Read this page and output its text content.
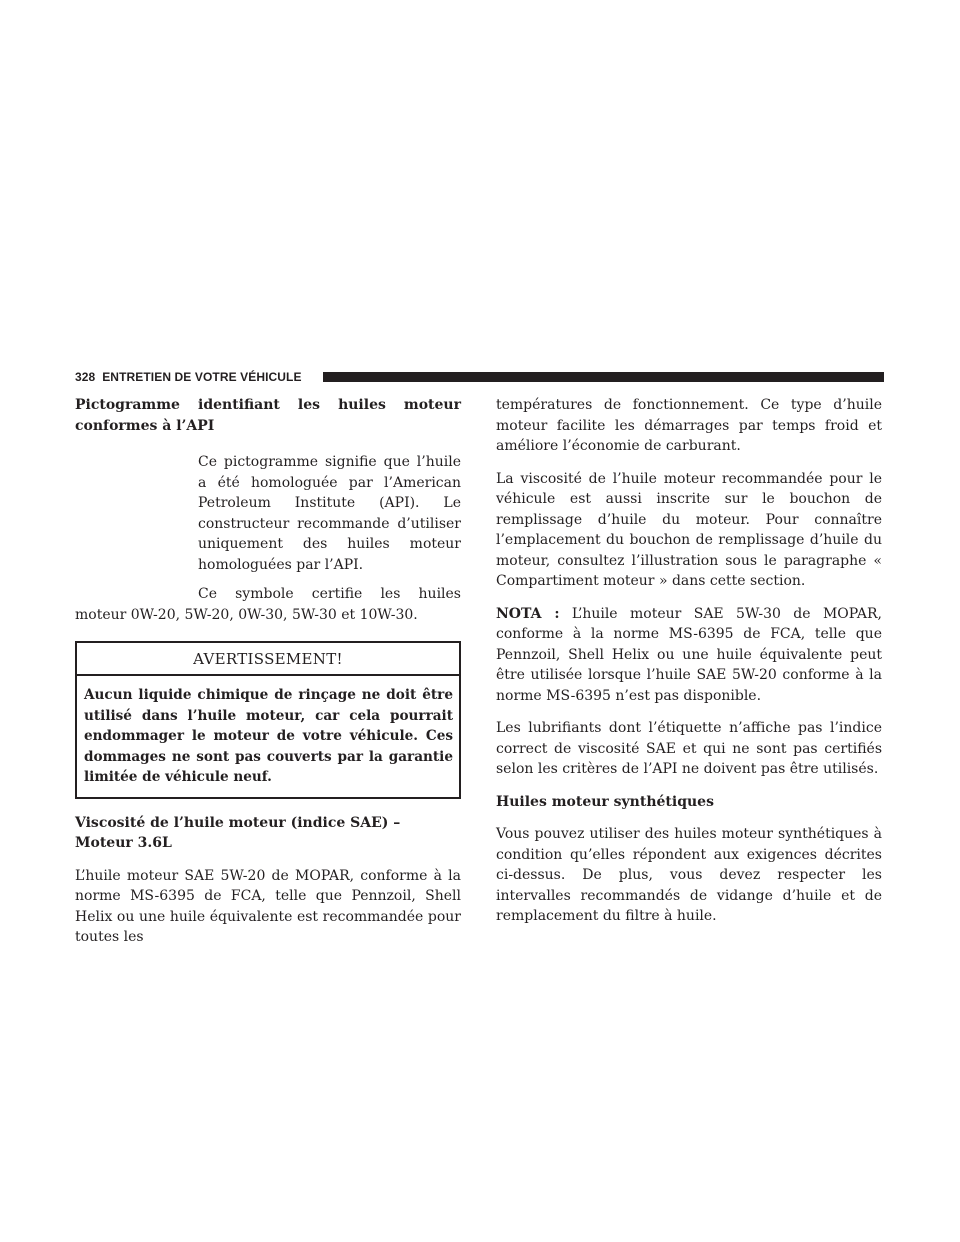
328 ENTRETIEN DE VOTRE VÉHICULE

Pictogramme identifiant les huiles moteur conformes à l’API

Ce pictogramme signifie que l’huile a été homologuée par l’American Petroleum Institute (API). Le constructeur recommande d’utiliser uniquement des huiles moteur homologuées par l’API.

Ce symbole certifie les huiles moteur 0W-20, 5W-20, 0W-30, 5W-30 et 10W-30.

AVERTISSEMENT!
Aucun liquide chimique de rinçage ne doit être utilisé dans l’huile moteur, car cela pourrait endommager le moteur de votre véhicule. Ces dommages ne sont pas couverts par la garantie limitée de véhicule neuf.

Viscosité de l’huile moteur (indice SAE) –

Moteur 3.6L

L’huile moteur SAE 5W-20 de MOPAR, conforme à la norme MS-6395 de FCA, telle que Pennzoil, Shell Helix ou une huile équivalente est recommandée pour toutes les

températures de fonctionnement. Ce type d’huile moteur facilite les démarrages par temps froid et améliore l’économie de carburant.

La viscosité de l’huile moteur recommandée pour le véhicule est aussi inscrite sur le bouchon de remplissage d’huile du moteur. Pour connaître l’emplacement du bouchon de remplissage d’huile du moteur, consultez l’illustration sous le paragraphe « Compartiment moteur » dans cette section.

NOTA : L’huile moteur SAE 5W-30 de MOPAR, conforme à la norme MS-6395 de FCA, telle que Pennzoil, Shell Helix ou une huile équivalente peut être utilisée lorsque l’huile SAE 5W-20 conforme à la norme MS-6395 n’est pas disponible.

Les lubrifiants dont l’étiquette n’affiche pas l’indice correct de viscosité SAE et qui ne sont pas certifiés selon les critères de l’API ne doivent pas être utilisés.

Huiles moteur synthétiques

Vous pouvez utiliser des huiles moteur synthétiques à condition qu’elles répondent aux exigences décrites ci-dessus. De plus, vous devez respecter les intervalles recommandés de vidange d’huile et de remplacement du filtre à huile.
